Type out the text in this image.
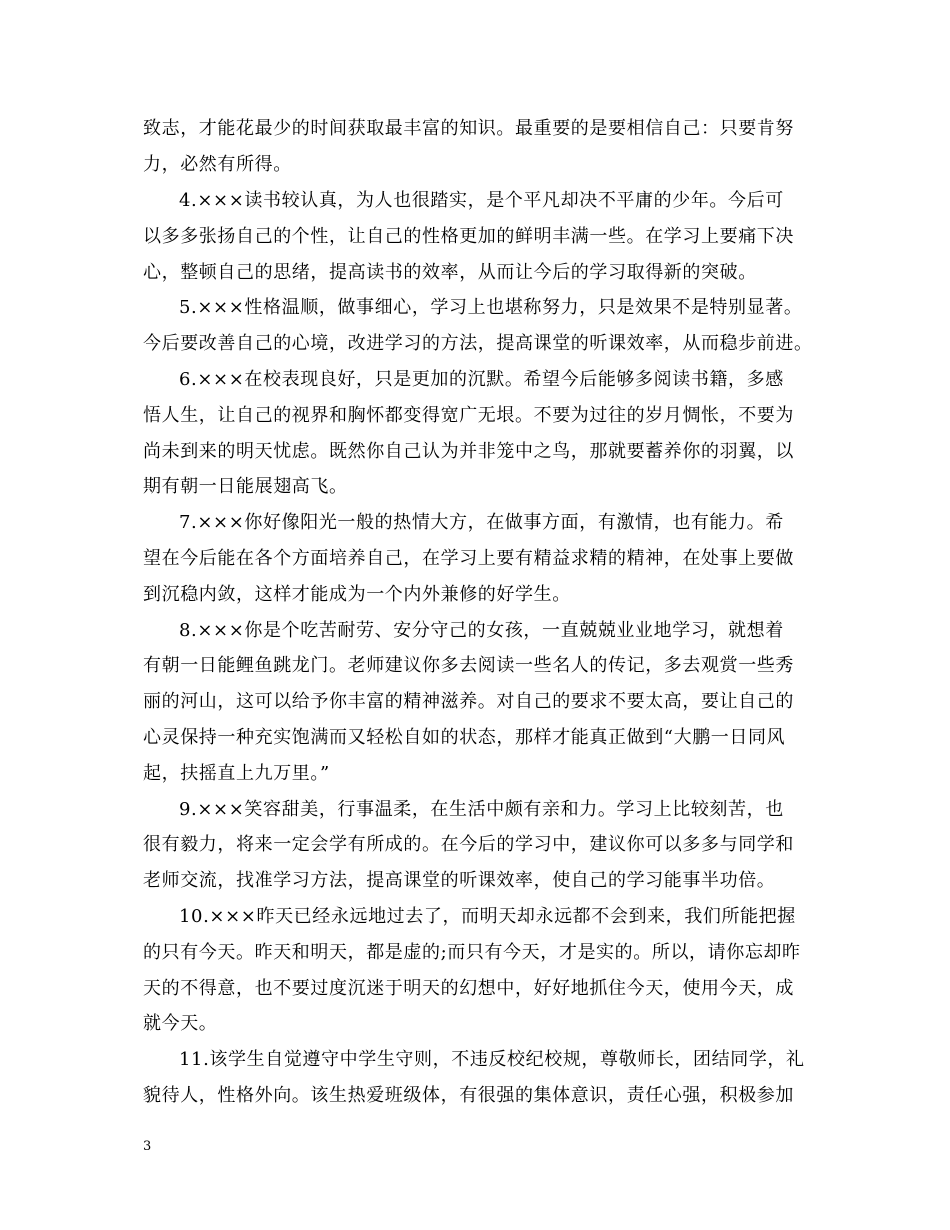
致志，才能花最少的时间获取最丰富的知识。最重要的是要相信自己：只要肯努
力，必然有所得。
4.×××读书较认真，为人也很踏实，是个平凡却决不平庸的少年。今后可
以多多张扬自己的个性，让自己的性格更加的鲜明丰满一些。在学习上要痛下决
心，整顿自己的思绪，提高读书的效率，从而让今后的学习取得新的突破。
5.×××性格温顺，做事细心，学习上也堪称努力，只是效果不是特别显著。
今后要改善自己的心境，改进学习的方法，提高课堂的听课效率，从而稳步前进。
6.×××在校表现良好，只是更加的沉默。希望今后能够多阅读书籍，多感
悟人生，让自己的视界和胸怀都变得宽广无垠。不要为过往的岁月惆怅，不要为
尚未到来的明天忧虑。既然你自己认为并非笼中之鸟，那就要蓄养你的羽翼，以
期有朝一日能展翅高飞。
7.×××你好像阳光一般的热情大方，在做事方面，有激情，也有能力。希
望在今后能在各个方面培养自己，在学习上要有精益求精的精神，在处事上要做
到沉稳内敛，这样才能成为一个内外兼修的好学生。
8.×××你是个吃苦耐劳、安分守己的女孩，一直兢兢业业地学习，就想着
有朝一日能鲤鱼跳龙门。老师建议你多去阅读一些名人的传记，多去观赏一些秀
丽的河山，这可以给予你丰富的精神滋养。对自己的要求不要太高，要让自己的
心灵保持一种充实饱满而又轻松自如的状态，那样才能真正做到“大鹏一日同风
起，扶摇直上九万里。”
9.×××笑容甜美，行事温柔，在生活中颇有亲和力。学习上比较刻苦，也
很有毅力，将来一定会学有所成的。在今后的学习中，建议你可以多多与同学和
老师交流，找准学习方法，提高课堂的听课效率，使自己的学习能事半功倍。
10.×××昨天已经永远地过去了，而明天却永远都不会到来，我们所能把握
的只有今天。昨天和明天，都是虚的;而只有今天，才是实的。所以，请你忘却昨
天的不得意，也不要过度沉迷于明天的幻想中，好好地抓住今天，使用今天，成
就今天。
11.该学生自觉遵守中学生守则，不违反校纪校规，尊敬师长，团结同学，礼
貌待人，性格外向。该生热爱班级体，有很强的集体意识，责任心强，积极参加
3
